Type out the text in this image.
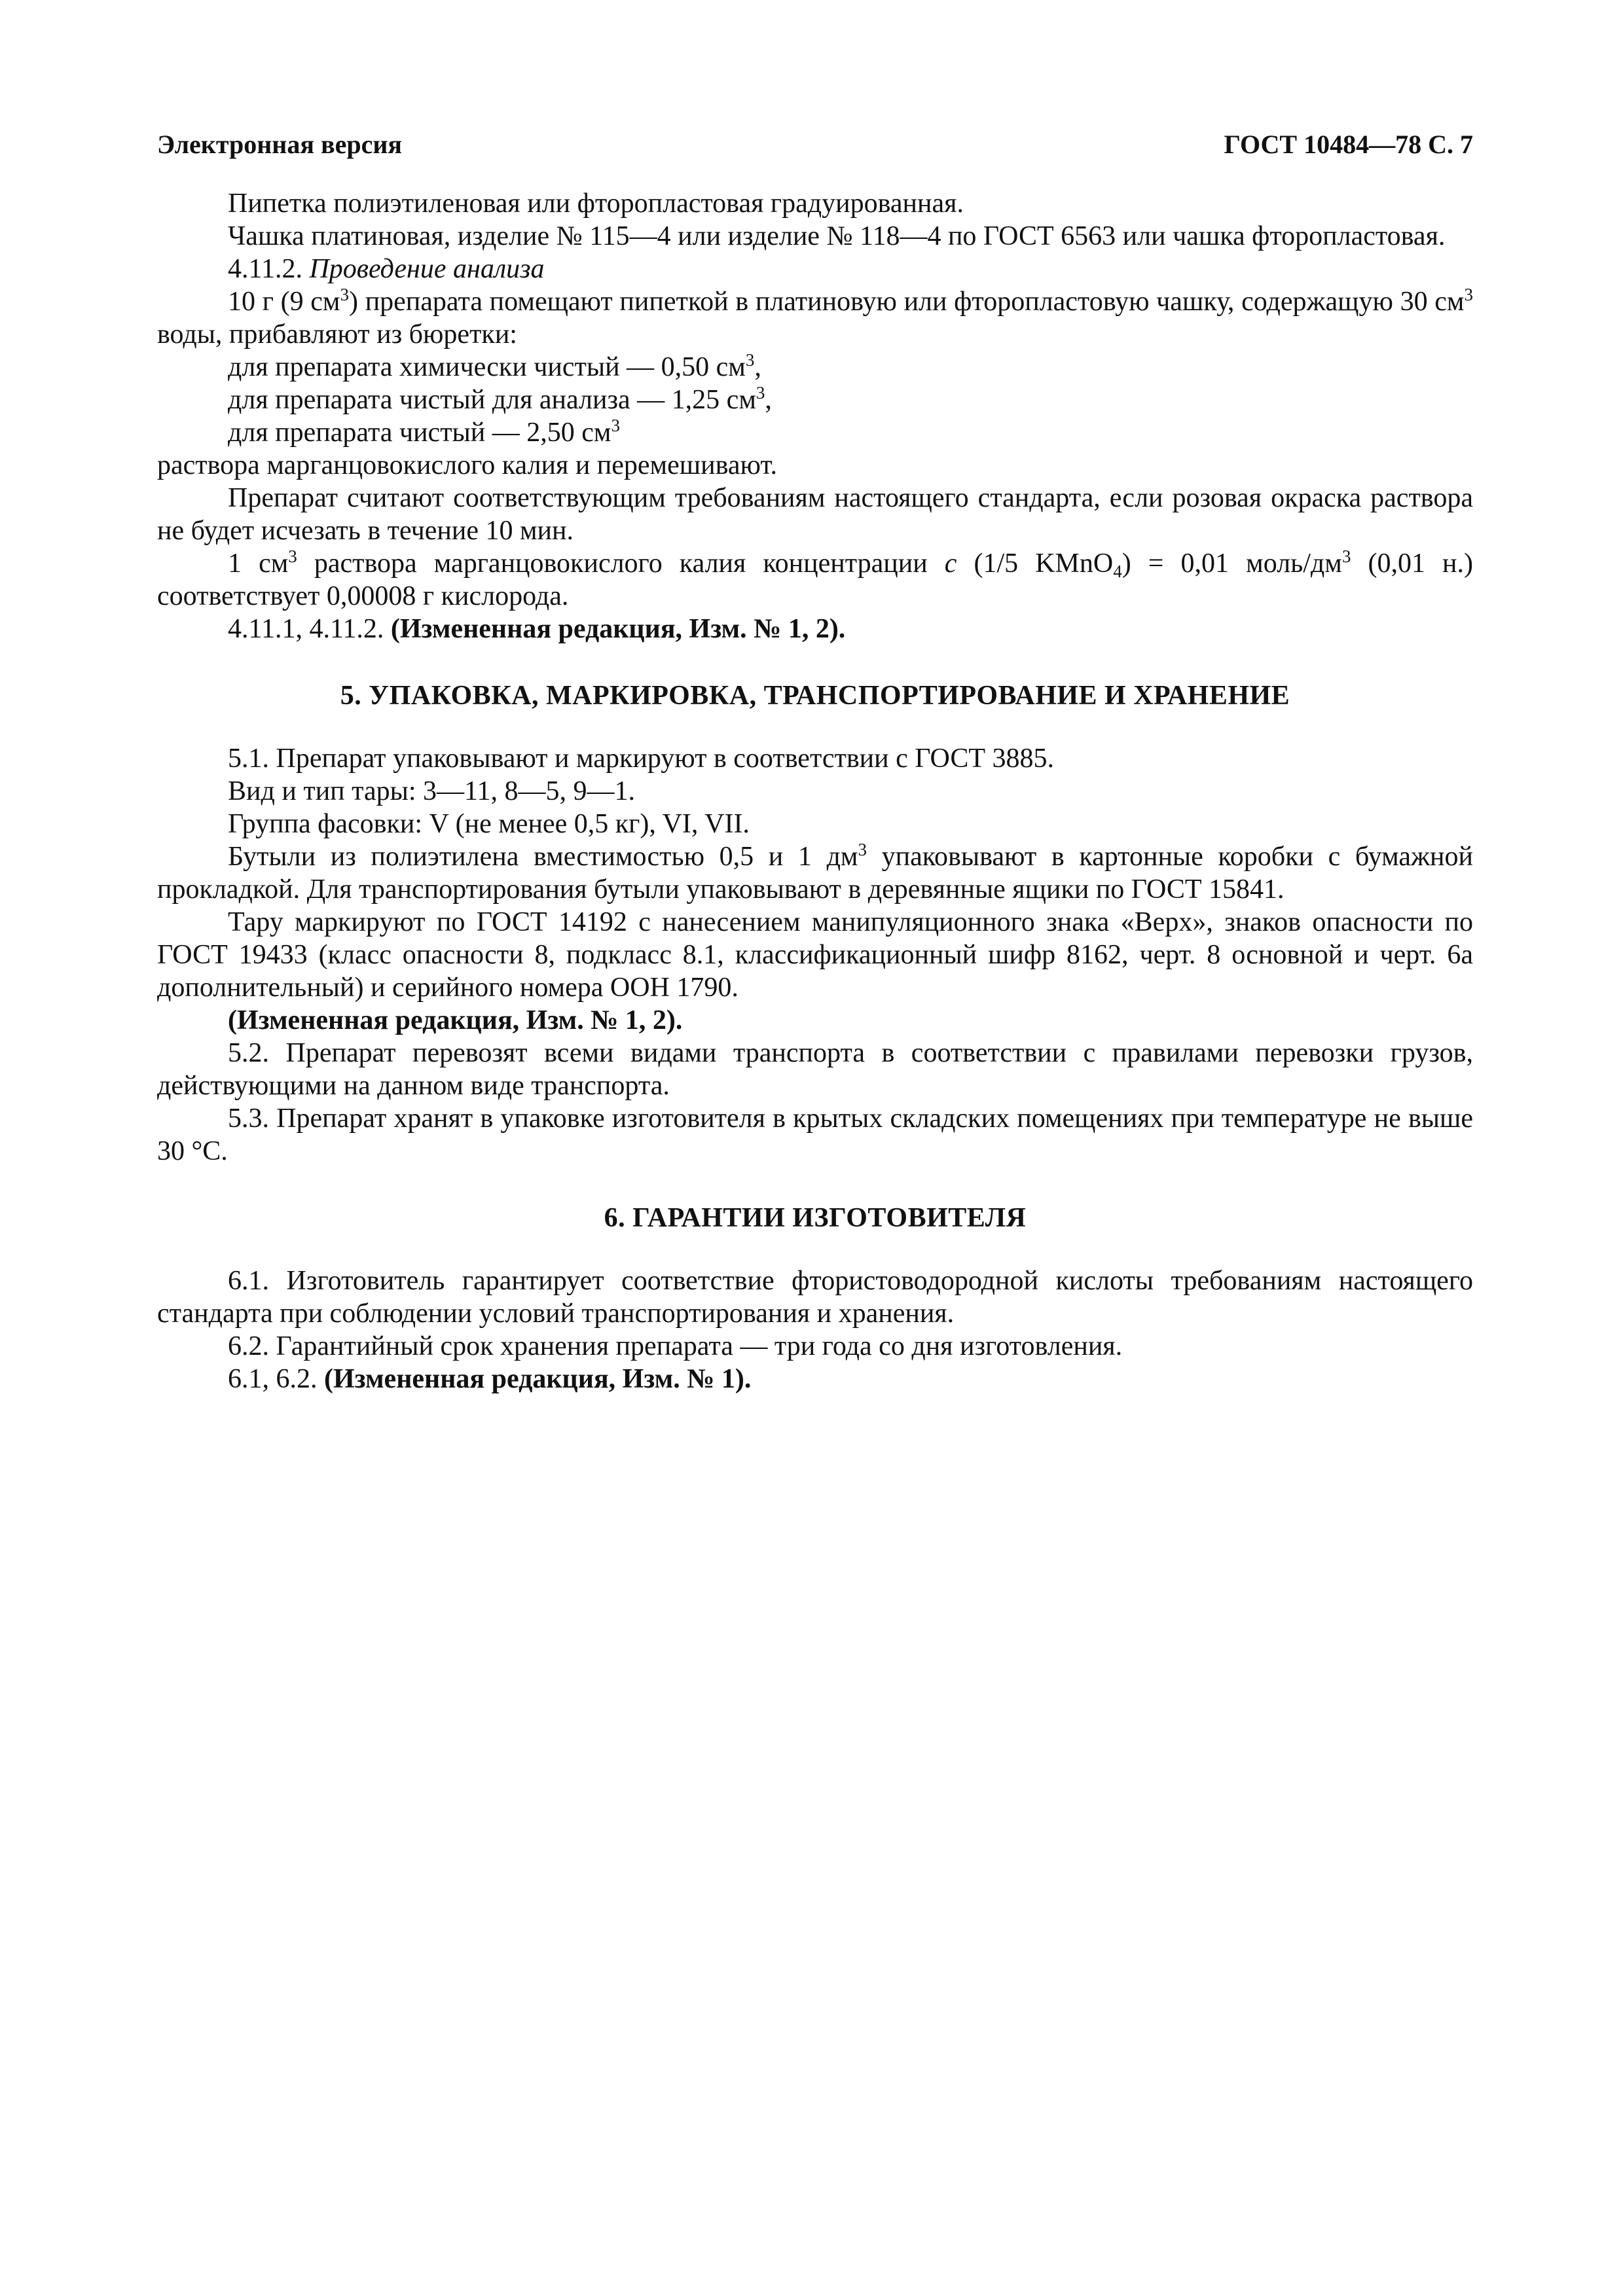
Электронная версия	ГОСТ 10484—78 С. 7

Пипетка полиэтиленовая или фторопластовая градуированная.

Чашка платиновая, изделие № 115—4 или изделие № 118—4 по ГОСТ 6563 или чашка фторопластовая.

4.11.2. Проведение анализа

10 г (9 $см^3$) препарата помещают пипеткой в платиновую или фторопластовую чашку, содержащую 30 $см^3$ воды, прибавляют из бюретки:

для препарата химически чистый — 0,50 $см^3$,

для препарата чистый для анализа — 1,25 $см^3$,

для препарата чистый — 2,50 $см^3$

раствора марганцовокислого калия и перемешивают.

Препарат считают соответствующим требованиям настоящего стандарта, если розовая окраска раствора не будет исчезать в течение 10 мин.

1 $см^3$ раствора марганцовокислого калия концентрации c (1/5 KMnO$_4$) = 0,01 моль/$дм^3$ (0,01 н.) соответствует 0,00008 г кислорода.

4.11.1, 4.11.2. (Измененная редакция, Изм. № 1, 2).

5. УПАКОВКА, МАРКИРОВКА, ТРАНСПОРТИРОВАНИЕ И ХРАНЕНИЕ

5.1. Препарат упаковывают и маркируют в соответствии с ГОСТ 3885.

Вид и тип тары: 3—11, 8—5, 9—1.

Группа фасовки: V (не менее 0,5 кг), VI, VII.

Бутыли из полиэтилена вместимостью 0,5 и 1 $дм^3$ упаковывают в картонные коробки с бумажной прокладкой. Для транспортирования бутыли упаковывают в деревянные ящики по ГОСТ 15841.

Тару маркируют по ГОСТ 14192 с нанесением манипуляционного знака «Верх», знаков опасности по ГОСТ 19433 (класс опасности 8, подкласс 8.1, классификационный шифр 8162, черт. 8 основной и черт. 6а дополнительный) и серийного номера ООН 1790.

(Измененная редакция, Изм. № 1, 2).

5.2. Препарат перевозят всеми видами транспорта в соответствии с правилами перевозки грузов, действующими на данном виде транспорта.

5.3. Препарат хранят в упаковке изготовителя в крытых складских помещениях при температуре не выше 30 °С.

6. ГАРАНТИИ ИЗГОТОВИТЕЛЯ

6.1. Изготовитель гарантирует соответствие фтористоводородной кислоты требованиям настоящего стандарта при соблюдении условий транспортирования и хранения.

6.2. Гарантийный срок хранения препарата — три года со дня изготовления.

6.1, 6.2. (Измененная редакция, Изм. № 1).
